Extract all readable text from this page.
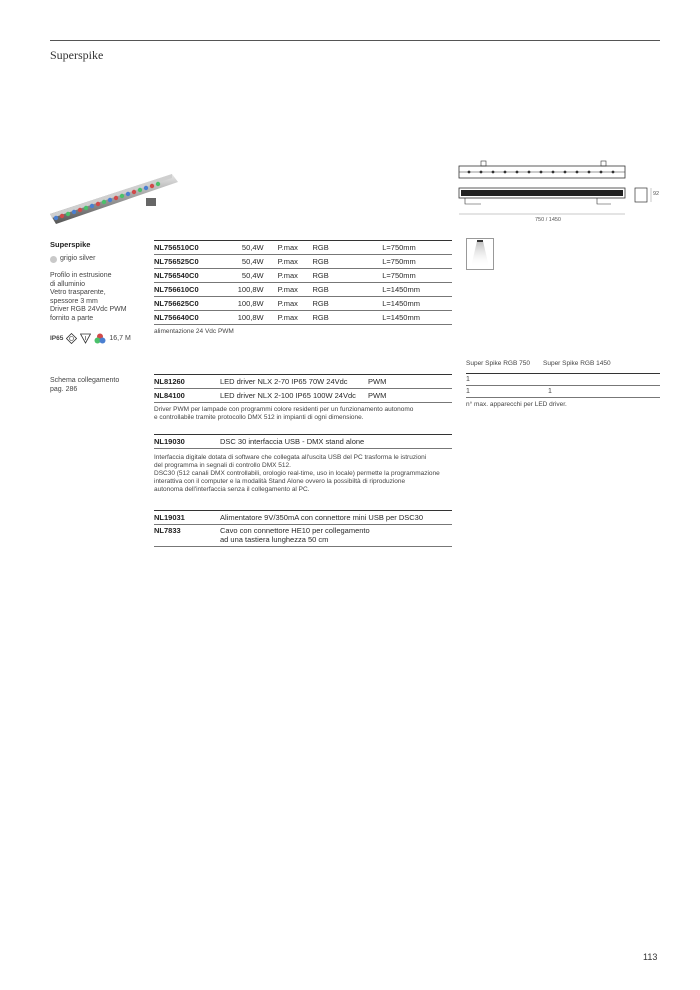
Superspike
750 / 1450
92
Superspike
grigio silver
Profilo in estrusione
di alluminio
Vetro trasparente,
spessore 3 mm
Driver RGB 24Vdc PWM
fornito a parte
IP65	16,7 M
Schema collegamento
pag. 286
NL756510C0	50,4W	P.max	RGB	L=750mm
NL756525C0	50,4W	P.max	RGB	L=750mm
NL756540C0	50,4W	P.max	RGB	L=750mm
NL756610C0	100,8W	P.max	RGB	L=1450mm
NL756625C0	100,8W	P.max	RGB	L=1450mm
NL756640C0	100,8W	P.max	RGB	L=1450mm
alimentazione 24 Vdc PWM
Super Spike RGB 750	Super Spike RGB 1450
1
1	1
n° max. apparecchi per LED driver.
NL81260	LED driver NLX 2-70 IP65 70W 24Vdc	PWM
NL84100	LED driver NLX 2-100 IP65 100W 24Vdc	PWM
Driver PWM per lampade con programmi colore residenti per un funzionamento autonomo
e controllabile tramite protocollo DMX 512 in impianti di ogni dimensione.
NL19030	DSC 30 interfaccia USB - DMX stand alone
Interfaccia digitale dotata di software che collegata all'uscita USB del PC trasforma le istruzioni
del programma in segnali di controllo DMX 512.
DSC30 (512 canali DMX controllabili, orologio real-time, uso in locale) permette la programmazione
interattiva con il computer e la modalità Stand Alone ovvero la possibiltà di riproduzione
autonoma dell'interfaccia senza il collegamento al PC.
NL19031	Alimentatore 9V/350mA con connettore mini USB per DSC30
NL7833	Cavo con connettore HE10 per collegamento
ad una tastiera lunghezza 50 cm
113
